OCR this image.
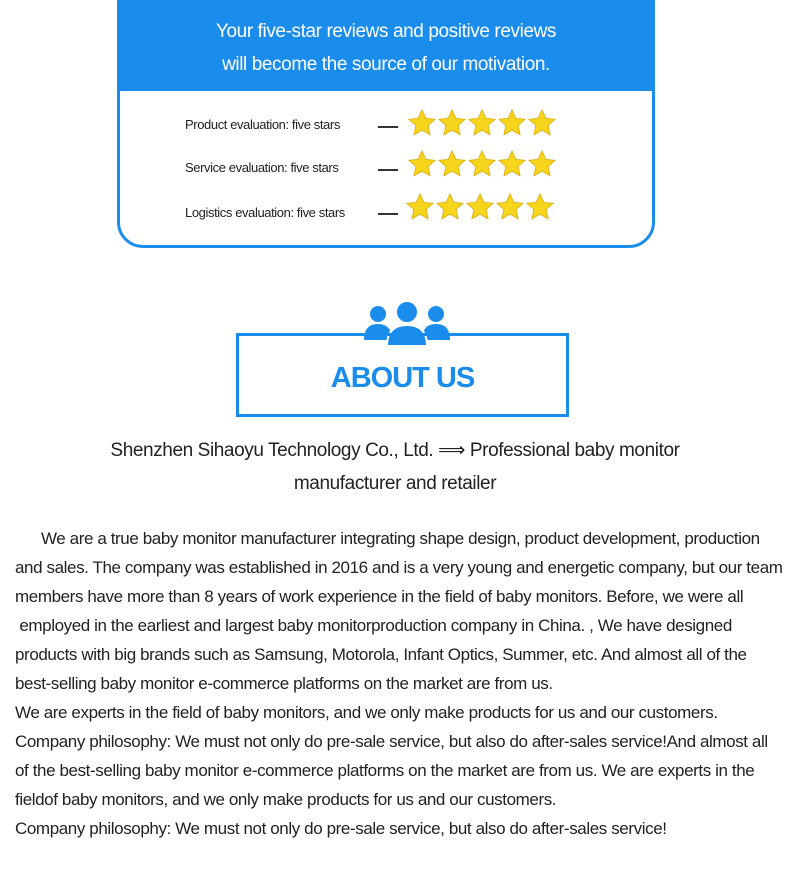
Your five-star reviews and positive reviews
will become the source of our motivation.
Product evaluation: five stars
Service evaluation: five stars
Logistics evaluation: five stars
ABOUT US
Shenzhen Sihaoyu Technology Co., Ltd. ⟹ Professional baby monitor
manufacturer and retailer

We are a true baby monitor manufacturer integrating shape design, product development, production

and sales. The company was established in 2016 and is a very young and energetic company, but our team

members have more than 8 years of work experience in the field of baby monitors. Before, we were all

employed in the earliest and largest baby monitorproduction company in China. , We have designed

products with big brands such as Samsung, Motorola, Infant Optics, Summer, etc. And almost all of the

best-selling baby monitor e-commerce platforms on the market are from us.

We are experts in the field of baby monitors, and we only make products for us and our customers.

Company philosophy: We must not only do pre-sale service, but also do after-sales service!And almost all

of the best-selling baby monitor e-commerce platforms on the market are from us. We are experts in the

fieldof baby monitors, and we only make products for us and our customers.

Company philosophy: We must not only do pre-sale service, but also do after-sales service!
